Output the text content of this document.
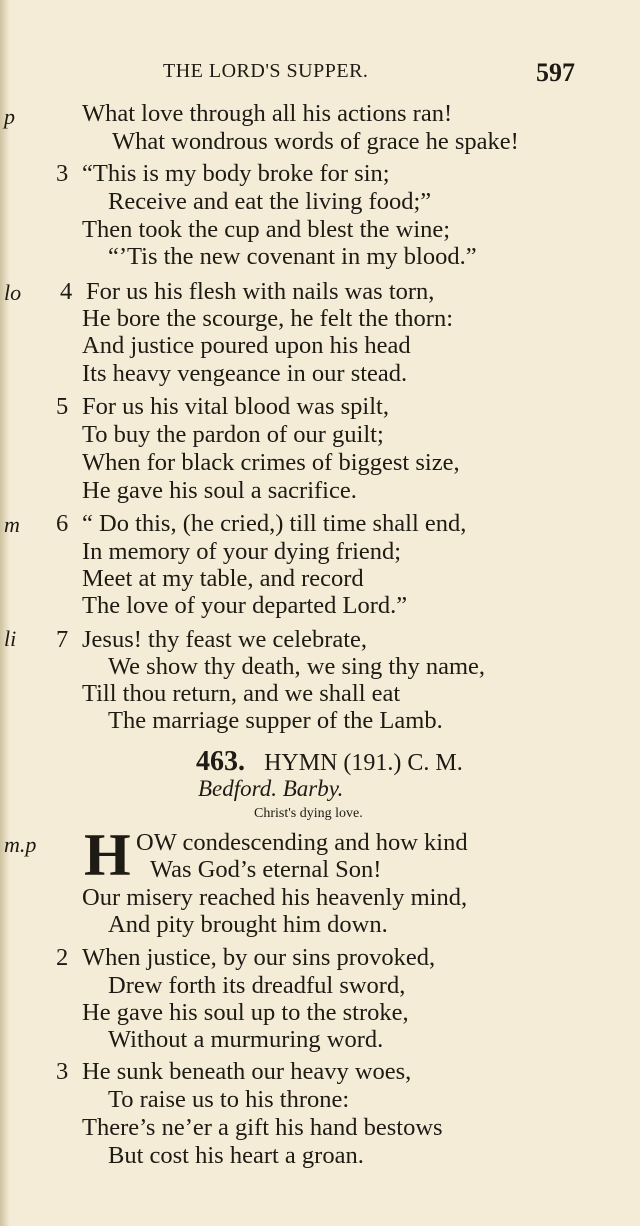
THE LORD'S SUPPER.	597
p
lo
m
li
m.p
3
4
5
6
7
2
3
What love through all his actions ran!
What wondrous words of grace he spake!
“This is my body broke for sin;
Receive and eat the living food;”
Then took the cup and blest the wine;
“’Tis the new covenant in my blood.”
For us his flesh with nails was torn,
He bore the scourge, he felt the thorn:
And justice poured upon his head
Its heavy vengeance in our stead.
For us his vital blood was spilt,
To buy the pardon of our guilt;
When for black crimes of biggest size,
He gave his soul a sacrifice.
“ Do this, (he cried,) till time shall end,
In memory of your dying friend;
Meet at my table, and record
The love of your departed Lord.”
Jesus! thy feast we celebrate,
We show thy death, we sing thy name,
Till thou return, and we shall eat
The marriage supper of the Lamb.
463. HYMN (191.) C. M.
Bedford. Barby.
Christ's dying love.
H OW condescending and how kind
Was God’s eternal Son!
Our misery reached his heavenly mind,
And pity brought him down.
When justice, by our sins provoked,
Drew forth its dreadful sword,
He gave his soul up to the stroke,
Without a murmuring word.
He sunk beneath our heavy woes,
To raise us to his throne:
There’s ne’er a gift his hand bestows
But cost his heart a groan.
